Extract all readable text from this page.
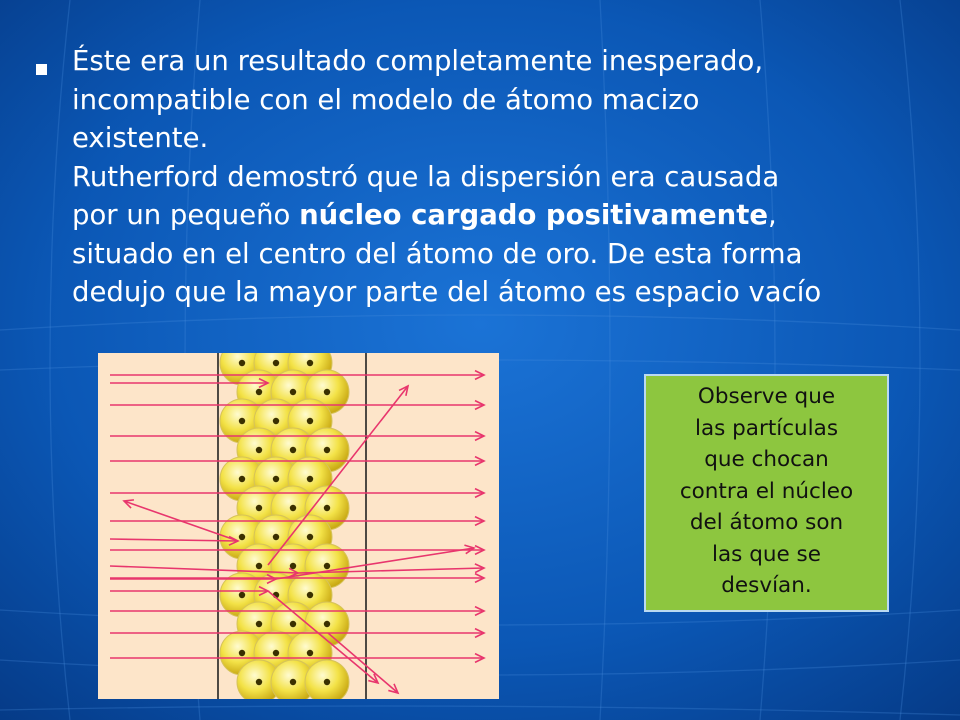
Éste era un resultado completamente inesperado,
incompatible con el modelo de átomo macizo
existente.
Rutherford demostró que la dispersión era causada
por un pequeño núcleo cargado positivamente,
situado en el centro del átomo de oro. De esta forma
dedujo que la mayor parte del átomo es espacio vacío
Observe que
las partículas
que chocan
contra el núcleo
del átomo son
las que se
desvían.
